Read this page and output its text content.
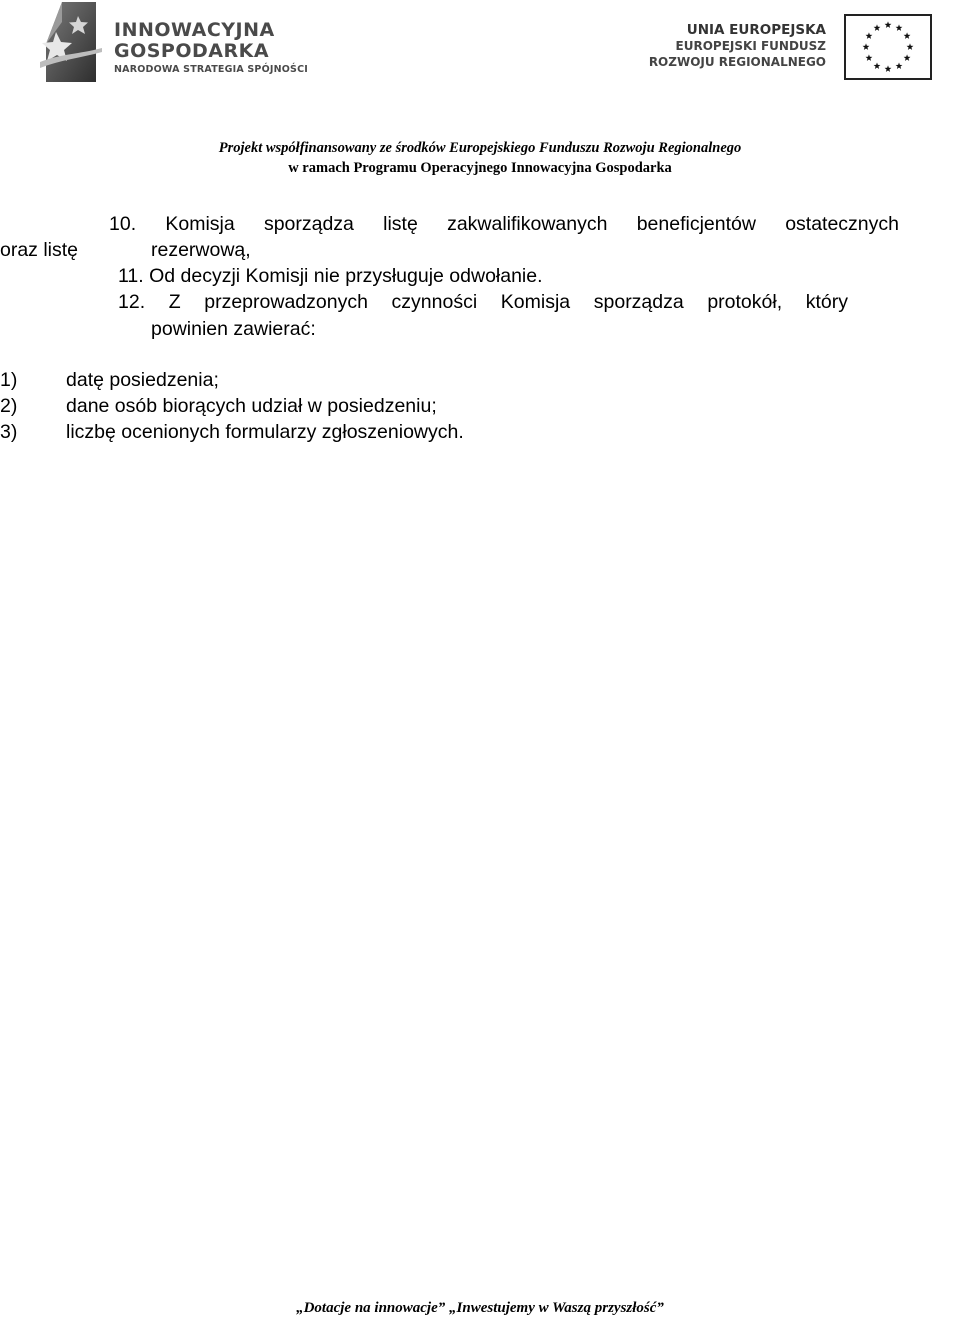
INNOWACYJNA
GOSPODARKA
NARODOWA STRATEGIA SPÓJNOŚCI
UNIA EUROPEJSKA
EUROPEJSKI FUNDUSZ
ROZWOJU REGIONALNEGO
Projekt współfinansowany ze środków Europejskiego Funduszu Rozwoju Regionalnego
w ramach Programu Operacyjnego Innowacyjna Gospodarka
10. Komisja sporządza listę zakwalifikowanych beneficjentów ostatecznych
oraz listę	rezerwową,
11. Od decyzji Komisji nie przysługuje odwołanie.
12. Z przeprowadzonych czynności Komisja sporządza protokół, który
powinien zawierać:
1) datę posiedzenia;
2) dane osób biorących udział w posiedzeniu;
3) liczbę ocenionych formularzy zgłoszeniowych.
„Dotacje na innowacje” „Inwestujemy w Waszą przyszłość”
